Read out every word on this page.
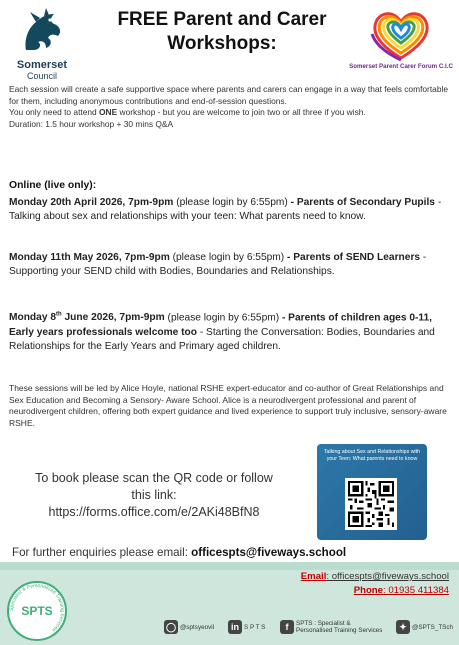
Somerset
Council
FREE Parent and Carer
Workshops:
Somerset Parent Carer Forum C.I.C

Each session will create a safe supportive space where parents and carers can engage in a way that feels comfortable for them, including anonymous contributions and end-of-session questions.

You only need to attend ONE workshop - but you are welcome to join two or all three if you wish.

Duration: 1.5 hour workshop + 30 mins Q&A

Online (live only):
Monday 20th April 2026, 7pm-9pm (please login by 6:55pm) - Parents of Secondary Pupils - Talking about sex and relationships with your teen: What parents need to know.
Monday 11th May 2026, 7pm-9pm (please login by 6:55pm) - Parents of SEND Learners - Supporting your SEND child with Bodies, Boundaries and Relationships.
Monday 8th June 2026, 7pm-9pm (please login by 6:55pm) - Parents of children ages 0-11, Early years professionals welcome too - Starting the Conversation: Bodies, Boundaries and Relationships for the Early Years and Primary aged children.
These sessions will be led by Alice Hoyle, national RSHE expert-educator and co-author of Great Relationships and Sex Education and Becoming a Sensory- Aware School. Alice is a neurodivergent professional and parent of neurodivergent children, offering both expert guidance and lived experience to support truly inclusive, sensory-aware RSHE.
To book please scan the QR code or follow
this link:
https://forms.office.com/e/2AKi48BfN8
Talking about Sex and Relationships with your Teen: What parents need to know
For further enquiries please email: officespts@fiveways.school
Specialist & Personalised Training Services
SPTS
Email: officespts@fiveways.school
Phone: 01935 411384
◯ @sptsyeovil	in S P T S	f	SPTS : Specialist &
Personalised Training Services	✦ @SPTS_TSch
